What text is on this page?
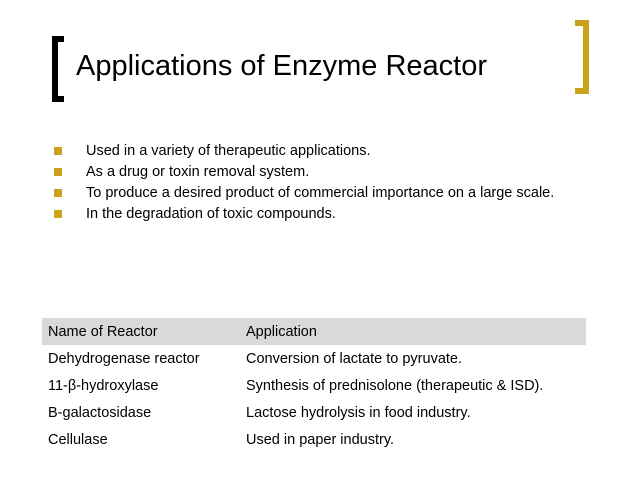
Applications of Enzyme Reactor
Used in a variety of therapeutic applications.
As a drug or toxin removal system.
To produce a desired product of commercial importance on a large scale.
In the degradation of toxic compounds.
Name of Reactor	Application
Dehydrogenase reactor	Conversion of lactate to pyruvate.
11-β-hydroxylase	Synthesis of prednisolone (therapeutic & ISD).
B-galactosidase	Lactose hydrolysis in food industry.
Cellulase	Used in paper industry.
